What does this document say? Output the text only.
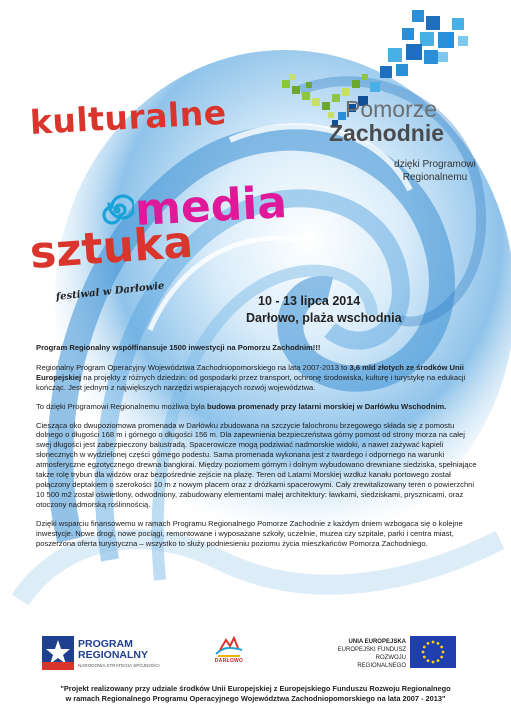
Pomorze
Zachodnie
dzięki Programowi
Regionalnemu
kulturalne
media
sztuka
festiwal w Darłowie	10 - 13 lipca 2014
Darłowo, plaża wschodnia

Program Regionalny współfinansuje 1500 inwestycji na Pomorzu Zachodnim!!!

Regionalny Program Operacyjny Województwa Zachodniopomorskiego na lata 2007-2013 to 3,6 mld złotych ze środków Unii Europejskiej na projekty z różnych dziedzin: od gospodarki przez transport, ochronę środowiska, kulturę i turystykę na edukacji kończąc. Jest jednym z największych narzędzi wspierających rozwój województwa.

To dzięki Programowi Regionalnemu możliwa była budowa promenady przy latarni morskiej w Darłówku Wschodnim.

Ciesząca oko dwupoziomowa promenada w Darłówku zbudowana na szczycie falochronu brzegowego składa się z pomostu dolnego o długości 168 m i górnego o długości 156 m. Dla zapewnienia bezpieczeństwa górny pomost od strony morza na całej swej długości jest zabezpieczony balustradą. Spacerowicze mogą podziwiać nadmorskie widoki, a nawet zażywać kąpieli słonecznych w wydzielonej części górnego podestu. Sama promenada wykonana jest z twardego i odpornego na warunki atmosferyczne egzotycznego drewna bangkirai. Między poziomem górnym i dolnym wybudowano drewniane siedziska, spełniające także rolę trybun dla widzów oraz bezpośrednie zejście na plażę. Teren od Latarni Morskiej wzdłuż kanału portowego został połączony deptakiem o szerokości 10 m z nowym placem oraz z dróżkami spacerowymi. Cały zrewitalizowany teren o powierzchni 10 500 m2 został oświetlony, odwodniony, zabudowany elementami małej architektury: ławkami, siedziskami, prysznicami, oraz otoczony nadmorską roślinnością.

Dzięki wsparciu finansowemu w ramach Programu Regionalnego Pomorze Zachodnie z każdym dniem wzbogaca się o kolejne inwestycje. Nowe drogi, nowe pociągi, remontowane i wyposażane szkoły, uczelnie, muzea czy szpitale, parki i centra miast, poszerzona oferta turystyczna – wszystko to służy podniesieniu poziomu życia mieszkańców Pomorza Zachodniego.

PROGRAM
REGIONALNY
NARODOWA STRATEGIA SPÓJNOŚCI
DARŁOWO
UNIA EUROPEJSKA
EUROPEJSKI FUNDUSZ
ROZWOJU REGIONALNEGO
"Projekt realizowany przy udziale środków Unii Europejskiej z Europejskiego Funduszu Rozwoju Regionalnego
w ramach Regionalnego Programu Operacyjnego Województwa Zachodniopomorskiego na lata 2007 - 2013"
